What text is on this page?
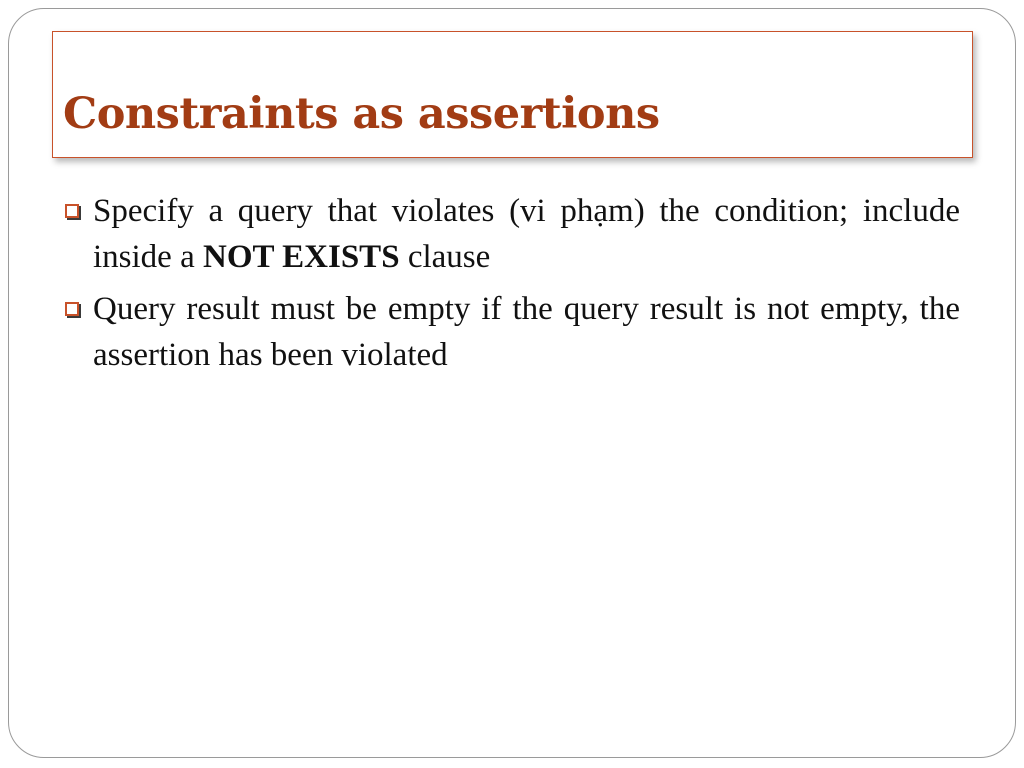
Constraints as assertions
Specify a query that violates (vi phạm) the condition; include inside a NOT EXISTS clause
Query result must be empty if the query result is not empty, the assertion has been violated
